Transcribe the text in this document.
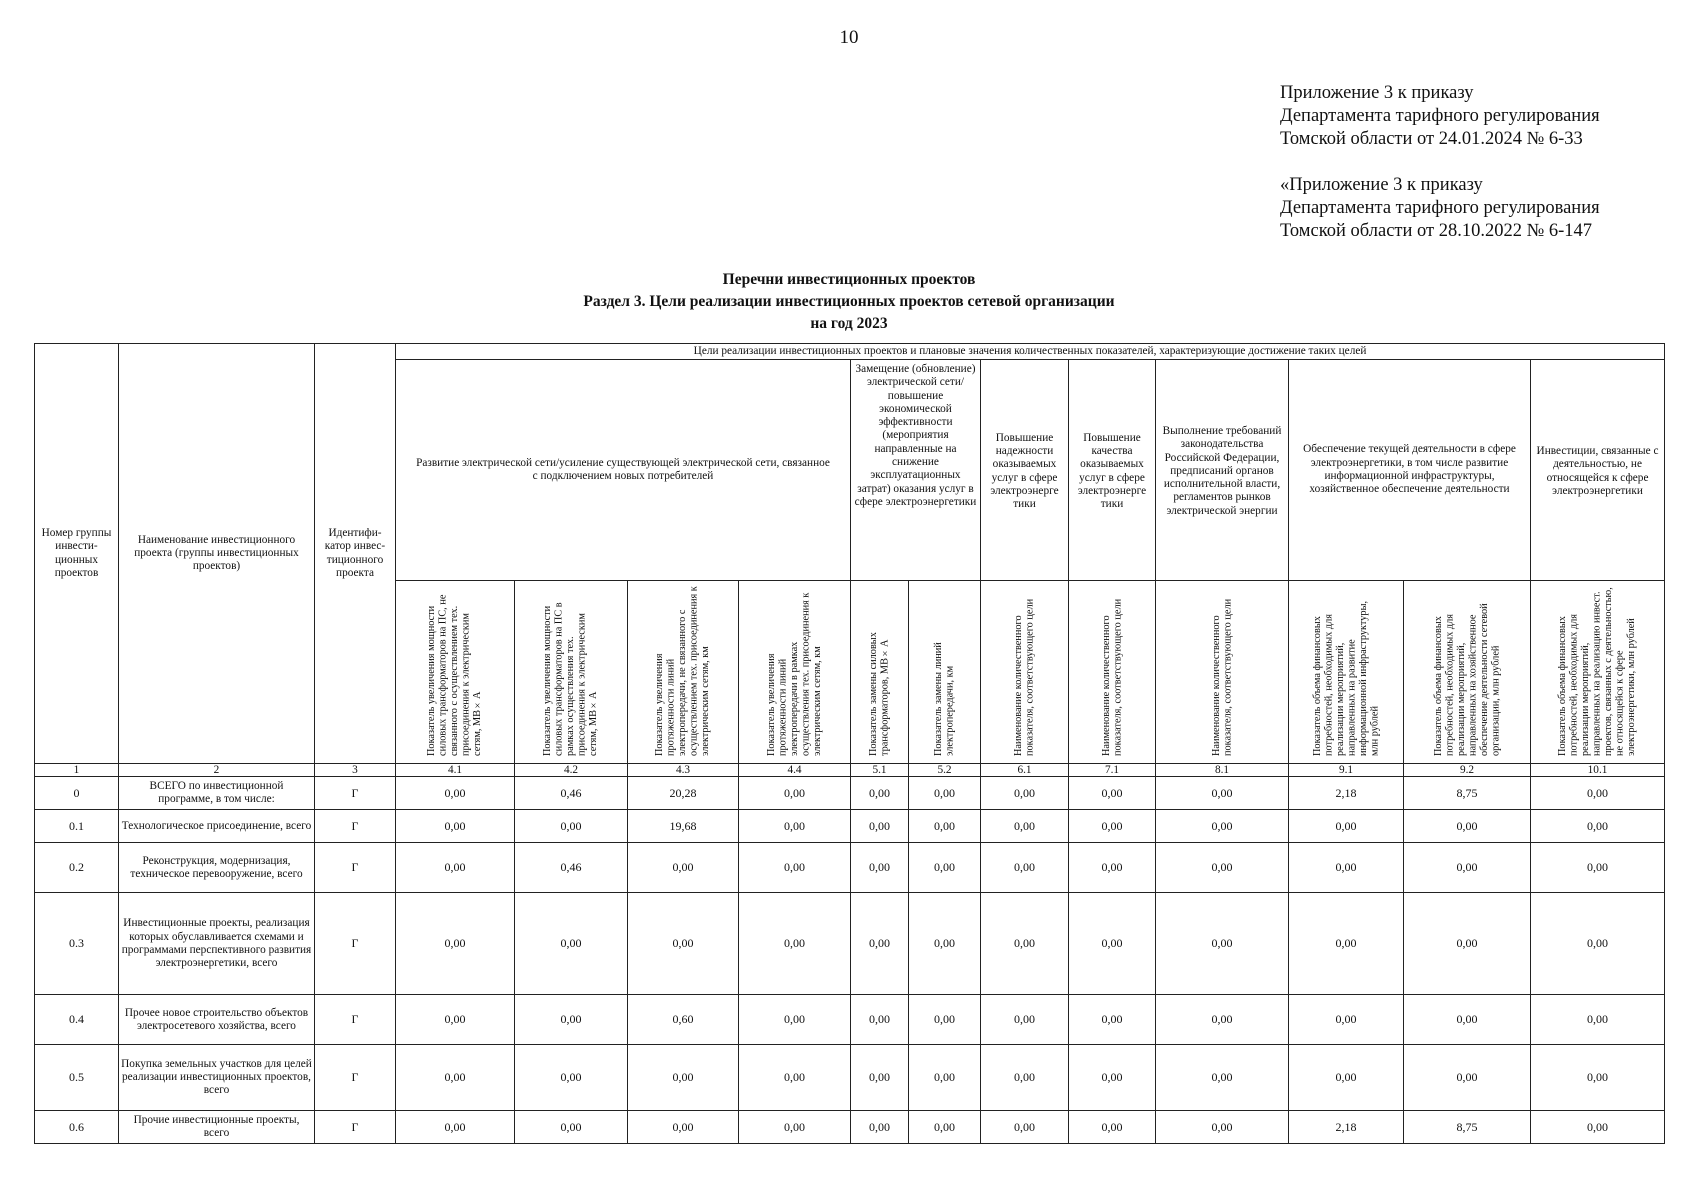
10
Приложение 3 к приказу
Департамента тарифного регулирования
Томской области от 24.01.2024 № 6-33
«Приложение 3 к приказу
Департамента тарифного регулирования
Томской области от 28.10.2022 № 6-147
Перечни инвестиционных проектов
Раздел 3. Цели реализации инвестиционных проектов сетевой организации
на год 2023
Номер группы инвести-ционных проектов	Наименование инвестиционного проекта (группы инвестиционных проектов)	Идентифи-катор инвес-тиционного проекта	Цели реализации инвестиционных проектов и плановые значения количественных показателей, характеризующие достижение таких целей											
			Развитие электрической сети/усиление существующей электрической сети, связанное с подключением новых потребителей				Замещение (обновление) электрической сети/повышение экономической эффективности (мероприятия направленные на снижение эксплуатационных затрат) оказания услуг в сфере электроэнергетики		Повышение надежности оказываемых услуг в сфере электроэнерге тики	Повышение качества оказываемых услуг в сфере электроэнерге тики	Выполнение требований законодательства Российской Федерации, предписаний органов исполнительной власти, регламентов рынков электрической энергии	Обеспечение текущей деятельности в сфере электроэнергетики, в том числе развитие информационной инфраструктуры, хозяйственное обеспечение деятельности		Инвестиции, связанные с деятельностью, не относящейся к сфере электроэнергетики
			Показатель увеличения мощности силовых трансформаторов на ПС, не связанного с осуществлением тех. присоединения к электрическим сетям, МВ×А	Показатель увеличения мощности силовых трансформаторов на ПС в рамках осуществления тех. присоединения к электрическим сетям, МВ×А	Показатель увеличения протяженности линий электропередачи, не связанного с осуществлением тех. присоединения к электрическим сетям, км	Показатель увеличения протяженности линий электропередачи в рамках осуществления тех. присоединения к электрическим сетям, км	Показатель замены силовых трансформаторов, МВ×А	Показатель замены линий электропередачи, км	Наименование количественного показателя, соответствующего цели	Наименование количественного показателя, соответствующего цели	Наименование количественного показателя, соответствующего цели	Показатель объема финансовых потребностей, необходимых для реализации мероприятий, направленных на развитие информационной инфраструктуры, млн рублей	Показатель объема финансовых потребностей, необходимых для реализации мероприятий, направленных на хозяйственное обеспечение деятельности сетевой организации, млн рублей	Показатель объема финансовых потребностей, необходимых для реализации мероприятий, направленных на реализацию инвест. проектов, связанных с деятельностью, не относящейся к сфере электроэнергетики, млн рублей
1	2	3	4.1	4.2	4.3	4.4	5.1	5.2	6.1	7.1	8.1	9.1	9.2	10.1
0	ВСЕГО по инвестиционной программе, в том числе:	Г	0,00	0,46	20,28	0,00	0,00	0,00	0,00	0,00	0,00	2,18	8,75	0,00
0.1	Технологическое присоединение, всего	Г	0,00	0,00	19,68	0,00	0,00	0,00	0,00	0,00	0,00	0,00	0,00	0,00
0.2	Реконструкция, модернизация, техническое перевооружение, всего	Г	0,00	0,46	0,00	0,00	0,00	0,00	0,00	0,00	0,00	0,00	0,00	0,00
0.3	Инвестиционные проекты, реализация которых обуславливается схемами и программами перспективного развития электроэнергетики, всего	Г	0,00	0,00	0,00	0,00	0,00	0,00	0,00	0,00	0,00	0,00	0,00	0,00
0.4	Прочее новое строительство объектов электросетевого хозяйства, всего	Г	0,00	0,00	0,60	0,00	0,00	0,00	0,00	0,00	0,00	0,00	0,00	0,00
0.5	Покупка земельных участков для целей реализации инвестиционных проектов, всего	Г	0,00	0,00	0,00	0,00	0,00	0,00	0,00	0,00	0,00	0,00	0,00	0,00
0.6	Прочие инвестиционные проекты, всего	Г	0,00	0,00	0,00	0,00	0,00	0,00	0,00	0,00	0,00	2,18	8,75	0,00
